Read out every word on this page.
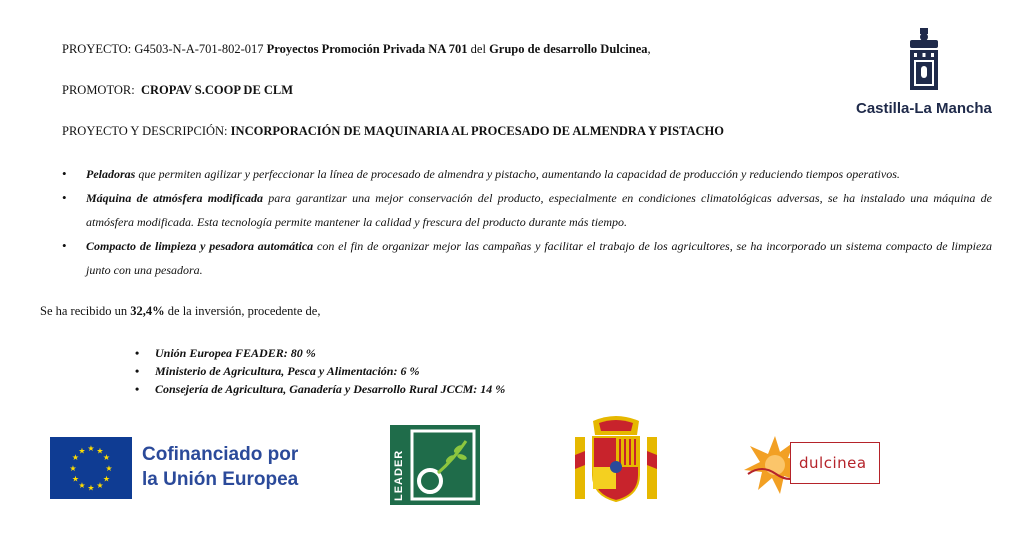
PROYECTO: G4503-N-A-701-802-017 Proyectos Promoción Privada NA 701 del Grupo de desarrollo Dulcinea,
PROMOTOR: CROPAV S.COOP DE CLM
PROYECTO Y DESCRIPCIÓN: INCORPORACIÓN DE MAQUINARIA AL PROCESADO DE ALMENDRA Y PISTACHO
Castilla-La Mancha
• Peladoras que permiten agilizar y perfeccionar la línea de procesado de almendra y pistacho, aumentando la capacidad de producción y reduciendo tiempos operativos.
• Máquina de atmósfera modificada para garantizar una mejor conservación del producto, especialmente en condiciones climatológicas adversas, se ha instalado una máquina de atmósfera modificada. Esta tecnología permite mantener la calidad y frescura del producto durante más tiempo.
• Compacto de limpieza y pesadora automática con el fin de organizar mejor las campañas y facilitar el trabajo de los agricultores, se ha incorporado un sistema compacto de limpieza junto con una pesadora.
Se ha recibido un 32,4% de la inversión, procedente de,
• Unión Europea FEADER: 80 %
• Ministerio de Agricultura, Pesca y Alimentación: 6 %
• Consejería de Agricultura, Ganadería y Desarrollo Rural JCCM: 14 %
★ ★
★
★
★
★
★
★
★
★
★
★	Cofinanciado por
la Unión Europea	LEADER	dulcinea
